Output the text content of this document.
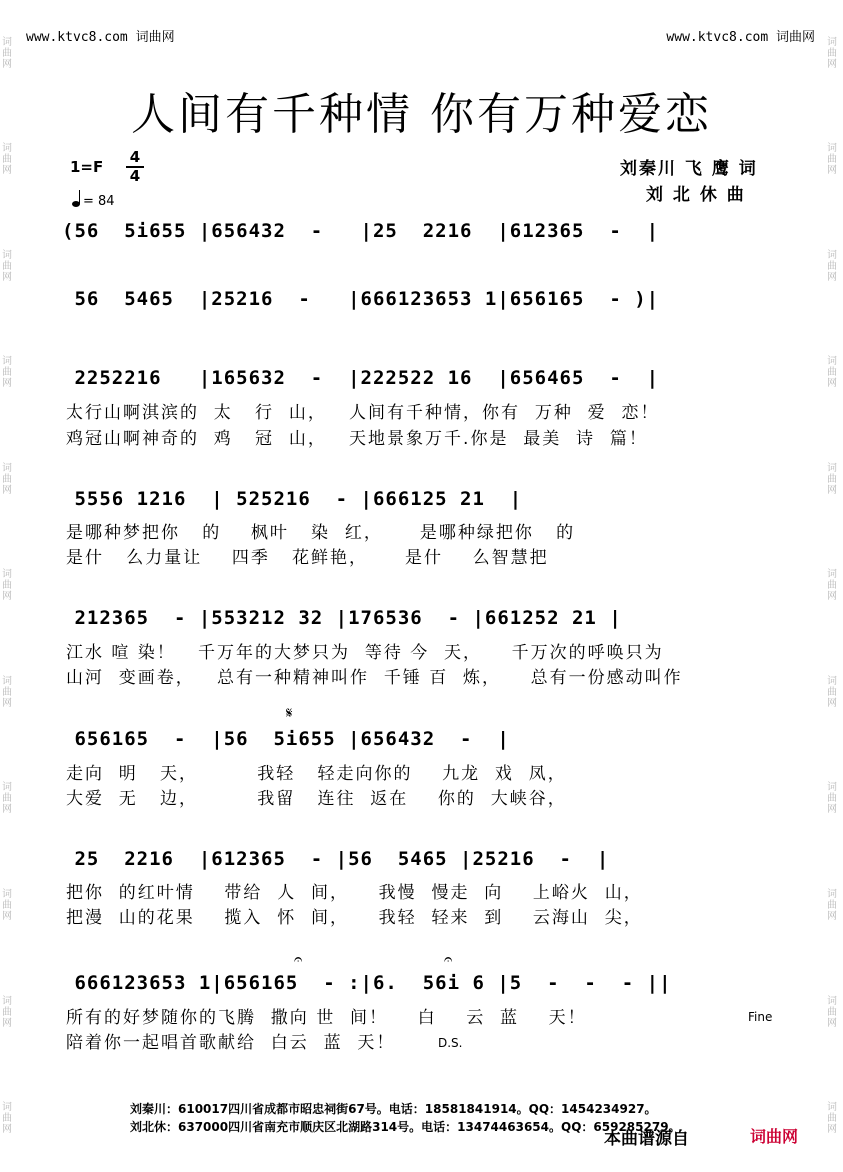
词曲网
词曲网
词曲网
词曲网
词曲网
词曲网
词曲网
词曲网
词曲网
词曲网
词曲网
词曲网
词曲网
词曲网
词曲网
词曲网
词曲网
词曲网
词曲网
词曲网
词曲网
词曲网
www.ktvc8.com 词曲网	www.ktvc8.com 词曲网
人间有千种情 你有万种爱恋
1=F
4
4
= 84
刘秦川 飞 鹰 词
刘 北 休 曲
(56  5i655 |656432  -   |25  2216  |612365  -  |
56  5465  |25216  -   |666123653 1|656165  - )|
2252216   |165632  -  |222522 16  |656465  -  |
太行山啊淇滨的  太   行  山，   人间有千种情，你有  万种  爱  恋！
鸡冠山啊神奇的  鸡   冠  山，   天地景象万千.你是  最美  诗  篇！
5556 1216  | 525216  - |666125 21  |
是哪种梦把你   的    枫叶   染  红，     是哪种绿把你   的
是什   么力量让    四季   花鲜艳，     是什    么智慧把
212365  - |553212 32 |176536  - |661252 21 |
江水 喧 染！   千万年的大梦只为  等待 今  天，    千万次的呼唤只为
山河  变画卷，   总有一种精神叫作  千锤 百  炼，    总有一份感动叫作
𝄋
656165  -  |56  5i655 |656432  -  |
走向  明   天，        我轻   轻走向你的    九龙  戏  凤，
大爱  无   边，        我留   连往  返在    你的  大峡谷，
25  2216  |612365  - |56  5465 |25216  -  |
把你  的红叶情    带给  人  间，    我慢  慢走  向    上峪火  山，
把漫  山的花果    揽入  怀  间，    我轻  轻来  到    云海山  尖，
𝄐	𝄐
666123653 1|656165  - :|6.  56i 6 |5  -  -  - ||
所有的好梦随你的飞腾  撒向 世  间！    白    云  蓝    天！
陪着你一起唱首歌献给  白云  蓝  天！
Fine
D.S.
刘秦川：610017四川省成都市昭忠祠街67号。电话：18581841914。QQ：1454234927。
刘北休：637000四川省南充市顺庆区北湖路314号。电话：13474463654。QQ：659285279。
本曲谱源自	词曲网
